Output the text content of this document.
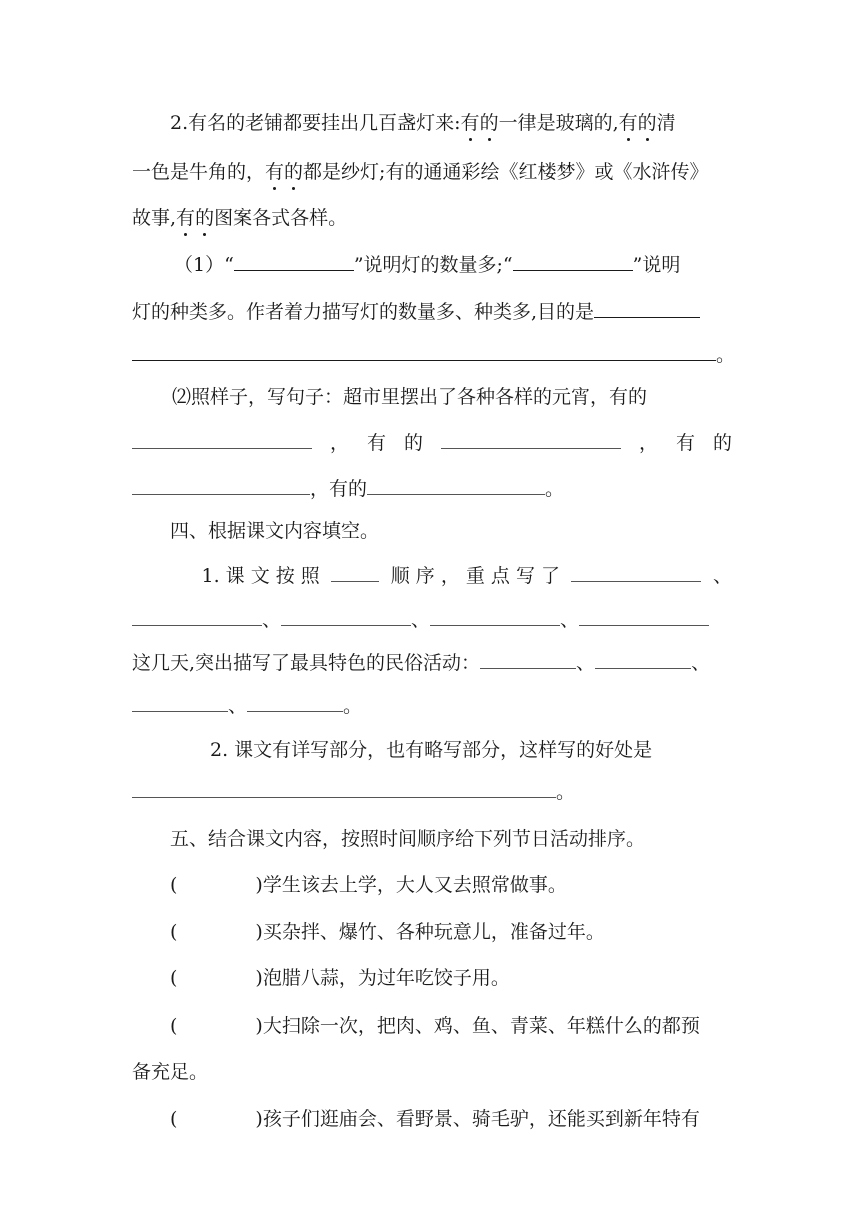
2.有名的老铺都要挂出几百盏灯来:有的一律是玻璃的,有的清
一色是牛角的，有的都是纱灯;有的通通彩绘《红楼梦》或《水浒传》
故事,有的图案各式各样。
（1）“	”说明灯的数量多;“	”说明
灯的种类多。作者着力描写灯的数量多、种类多,目的是
。
⑵照样子，写句子：超市里摆出了各种各样的元宵，有的
， 有 的	， 有 的
，有的	。
四、根据课文内容填空。
1. 课 文 按 照	顺 序 ， 重 点 写 了	、
、	、	、
这几天,突出描写了最具特色的民俗活动：	、	、
、	。
2. 课文有详写部分，也有略写部分，这样写的好处是
。
五、结合课文内容，按照时间顺序给下列节日活动排序。
(	)学生该去上学，大人又去照常做事。
(	)买杂拌、爆竹、各种玩意儿，准备过年。
(	)泡腊八蒜，为过年吃饺子用。
(	)大扫除一次，把肉、鸡、鱼、青菜、年糕什么的都预
备充足。
(	)孩子们逛庙会、看野景、骑毛驴，还能买到新年特有
